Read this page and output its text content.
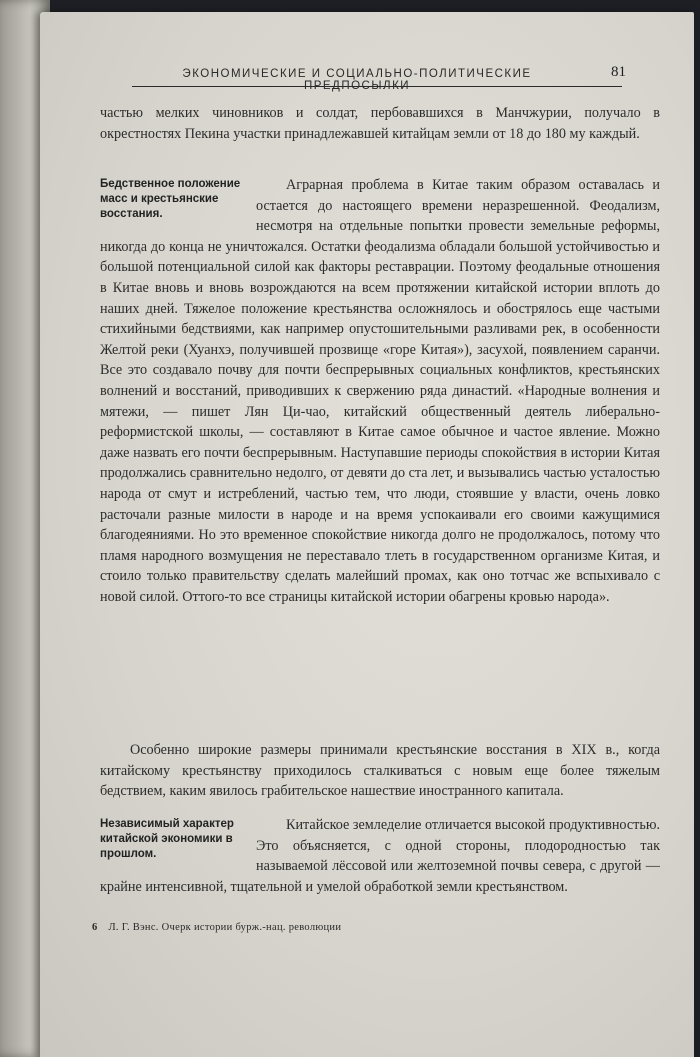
ЭКОНОМИЧЕСКИЕ И СОЦИАЛЬНО-ПОЛИТИЧЕСКИЕ ПРЕДПОСЫЛКИ
81

частью мелких чиновников и солдат, пербовавшихся в Манчжурии, получало в окрестностях Пекина участки принадлежавшей китайцам земли от 18 до 180 му каждый.

Бедственное положение масс и крестьянские восстания.

Аграрная проблема в Китае таким образом оставалась и остается до настоящего времени неразрешенной. Феодализм, несмотря на отдельные попытки провести земельные реформы, никогда до конца не уничтожался. Остатки феодализма обладали большой устойчивостью и большой потенциальной силой как факторы реставрации. Поэтому феодальные отношения в Китае вновь и вновь возрождаются на всем протяжении китайской истории вплоть до наших дней. Тяжелое положение крестьянства осложнялось и обострялось еще частыми стихийными бедствиями, как например опустошительными разливами рек, в особенности Желтой реки (Хуанхэ, получившей прозвище «горе Китая»), засухой, появлением саранчи. Все это создавало почву для почти беспрерывных социальных конфликтов, крестьянских волнений и восстаний, приводивших к свержению ряда династий. «Народные волнения и мятежи, — пишет Лян Ци-чао, китайский общественный деятель либерально-реформистской школы, — составляют в Китае самое обычное и частое явление. Можно даже назвать его почти беспрерывным. Наступавшие периоды спокойствия в истории Китая продолжались сравнительно недолго, от девяти до ста лет, и вызывались частью усталостью народа от смут и истреблений, частью тем, что люди, стоявшие у власти, очень ловко расточали разные милости в народе и на время успокаивали его своими кажущимися благодеяниями. Но это временное спокойствие никогда долго не продолжалось, потому что пламя народного возмущения не переставало тлеть в государственном организме Китая, и стоило только правительству сделать малейший промах, как оно тотчас же вспыхивало с новой силой. Оттого-то все страницы китайской истории обагрены кровью народа».

Особенно широкие размеры принимали крестьянские восстания в XIX в., когда китайскому крестьянству приходилось сталкиваться с новым еще более тяжелым бедствием, каким явилось грабительское нашествие иностранного капитала.

Независимый характер китайской экономики в прошлом.

Китайское земледелие отличается высокой продуктивностью. Это объясняется, с одной стороны, плодородностью так называемой лёссовой или желтоземной почвы севера, с другой — крайне интенсивной, тщательной и умелой обработкой земли крестьянством.

6 Л. Г. Вэнс. Очерк истории бурж.-нац. революции
